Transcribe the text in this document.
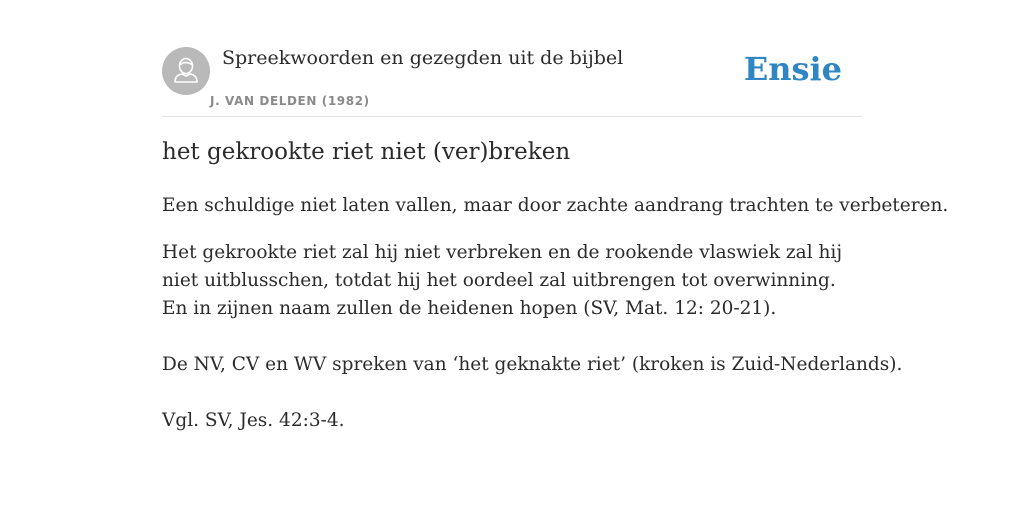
Spreekwoorden en gezegden uit de bijbel
J. VAN DELDEN (1982)
Ensie
het gekrookte riet niet (ver)breken

Een schuldige niet laten vallen, maar door zachte aandrang trachten te verbeteren.

Het gekrookte riet zal hij niet verbreken en de rookende vlaswiek zal hij niet uitblusschen, totdat hij het oordeel zal uitbrengen tot overwinning. En in zijnen naam zullen de heidenen hopen (SV, Mat. 12: 20-21).

De NV, CV en WV spreken van ‘het geknakte riet’ (kroken is Zuid-Nederlands).

Vgl. SV, Jes. 42:3-4.
